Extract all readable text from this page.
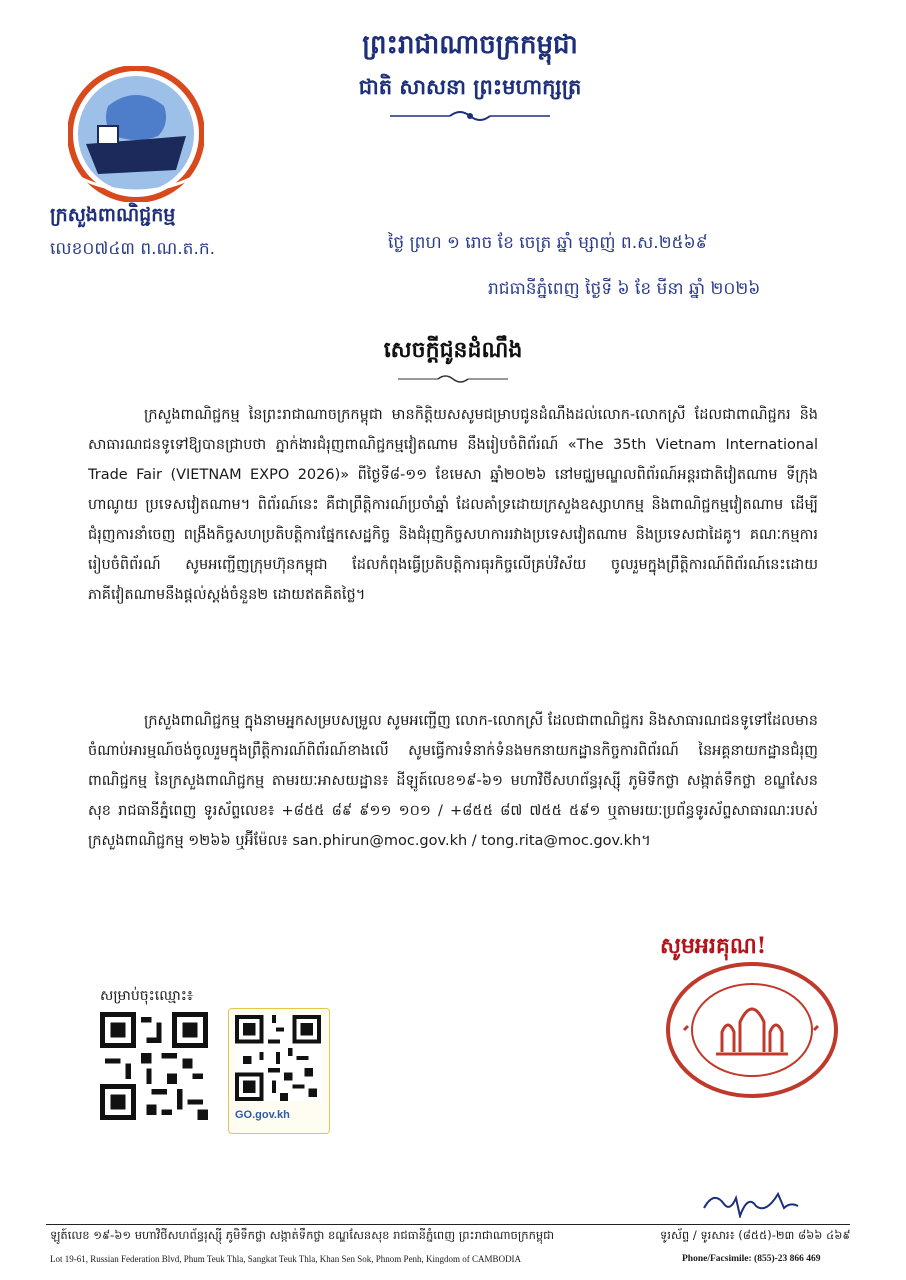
ព្រះរាជាណាចក្រកម្ពុជា
ជាតិ សាសនា ព្រះមហាក្សត្រ
ក្រសួងពាណិជ្ជកម្ម
លេខ០៧៤៣ ព.ណ.ត.ក.	ថ្ងៃ ព្រហ ១ រោច ខែ ចេត្រ ឆ្នាំ ម្សាញ់ ព.ស.២៥៦៩
រាជធានីភ្នំពេញ ថ្ងៃទី ៦ ខែ មីនា ឆ្នាំ ២០២៦
សេចក្តីជូនដំណឹង
ក្រសួងពាណិជ្ជកម្ម នៃព្រះរាជាណាចក្រកម្ពុជា មានកិត្តិយសសូមជម្រាបជូនដំណឹងដល់លោក-លោកស្រី ដែលជាពាណិជ្ជករ និងសាធារណជនទូទៅឱ្យបានជ្រាបថា ភ្នាក់ងារជំរុញពាណិជ្ជកម្មវៀតណាម នឹងរៀបចំពិព័រណ៍ «The 35th Vietnam International Trade Fair (VIETNAM EXPO 2026)» ពីថ្ងៃទី៨-១១ ខែមេសា ឆ្នាំ២០២៦ នៅមជ្ឈមណ្ឌលពិព័រណ៍អន្តរជាតិវៀតណាម ទីក្រុងហាណូយ ប្រទេសវៀតណាម។ ពិព័រណ៍នេះ គឺជាព្រឹត្តិការណ៍ប្រចាំឆ្នាំ ដែលគាំទ្រដោយក្រសួងឧស្សាហកម្ម និងពាណិជ្ជកម្មវៀតណាម ដើម្បីជំរុញការនាំចេញ ពង្រឹងកិច្ចសហប្រតិបត្តិការផ្នែកសេដ្ឋកិច្ច និងជំរុញកិច្ចសហការរវាងប្រទេសវៀតណាម និងប្រទេសជាដៃគូ។ គណៈកម្មការរៀបចំពិព័រណ៍ សូមអញ្ជើញក្រុមហ៊ុនកម្ពុជា ដែលកំពុងធ្វើប្រតិបត្តិការធុរកិច្ចលើគ្រប់វិស័យ ចូលរួមក្នុងព្រឹត្តិការណ៍ពិព័រណ៍នេះដោយភាគីវៀតណាមនឹងផ្តល់ស្តង់ចំនួន២ ដោយឥតគិតថ្លៃ។
ក្រសួងពាណិជ្ជកម្ម ក្នុងនាមអ្នកសម្របសម្រួល សូមអញ្ជើញ លោក-លោកស្រី ដែលជាពាណិជ្ជករ និងសាធារណជនទូទៅដែលមានចំណាប់អារម្មណ៍ចង់ចូលរួមក្នុងព្រឹត្តិការណ៍ពិព័រណ៍ខាងលើ សូមធ្វើការទំនាក់ទំនងមកនាយកដ្ឋានកិច្ចការពិព័រណ៍ នៃអគ្គនាយកដ្ឋានជំរុញពាណិជ្ជកម្ម នៃក្រសួងពាណិជ្ជកម្ម តាមរយៈអាសយដ្ឋាន៖ ដីឡូត៍លេខ១៩-៦១ មហាវិថីសហព័ន្ធរុស្ស៊ី ភូមិទឹកថ្លា សង្កាត់ទឹកថ្លា ខណ្ឌសែនសុខ រាជធានីភ្នំពេញ ទូរស័ព្ទលេខ៖ +៨៥៥ ៨៩ ៩១១ ១០១ / +៨៥៥ ៨៧ ៧៥៥ ៥៩១ ឬតាមរយៈប្រព័ន្ធទូរស័ព្ទសាធារណៈរបស់ក្រសួងពាណិជ្ជកម្ម ១២៦៦ ឬអ៊ីម៉ែល៖ san.phirun@moc.gov.kh / tong.rita@moc.gov.kh។
សូមអរគុណ!
សម្រាប់ចុះឈ្មោះ៖
GO.gov.kh
ឡូត៍លេខ ១៩-៦១ មហាវិថីសហព័ន្ធរុស្ស៊ី ភូមិទឹកថ្លា សង្កាត់ទឹកថ្លា ខណ្ឌសែនសុខ រាជធានីភ្នំពេញ ព្រះរាជាណាចក្រកម្ពុជា	ទូរស័ព្ទ / ទូរសារ៖ (៨៥៥)-២៣ ៨៦៦ ៤៦៩
Lot 19-61, Russian Federation Blvd, Phum Teuk Thla, Sangkat Teuk Thla, Khan Sen Sok, Phnom Penh, Kingdom of CAMBODIA	Phone/Facsimile: (855)-23 866 469
